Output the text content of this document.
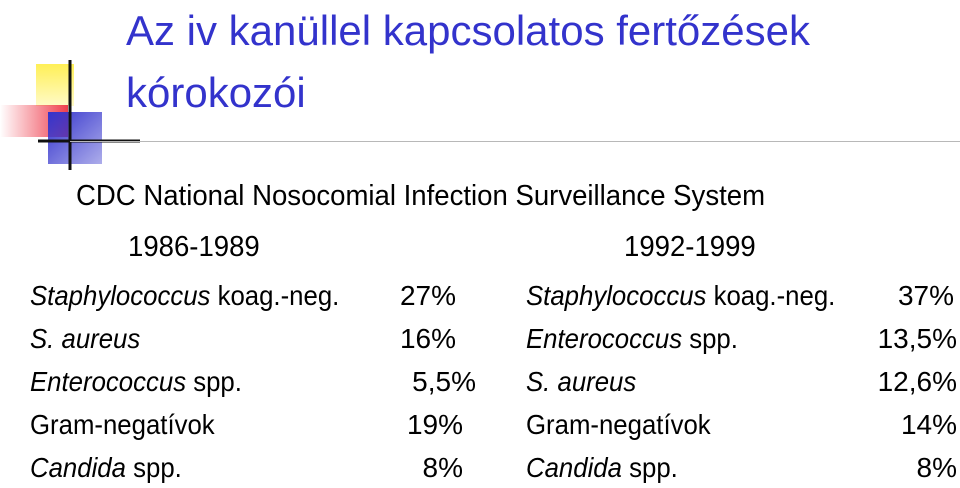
Az iv kanüllel kapcsolatos fertőzések
kórokozói
CDC National Nosocomial Infection Surveillance System
1986-1989	1992-1999
Staphylococcus koag.-neg.
S. aureus
Enterococcus spp.
Gram-negatívok
Candida spp.
27%
16%
5,5%
19%
8%
Staphylococcus koag.-neg.
Enterococcus spp.
S. aureus
Gram-negatívok
Candida spp.
37%
13,5%
12,6%
14%
8%
